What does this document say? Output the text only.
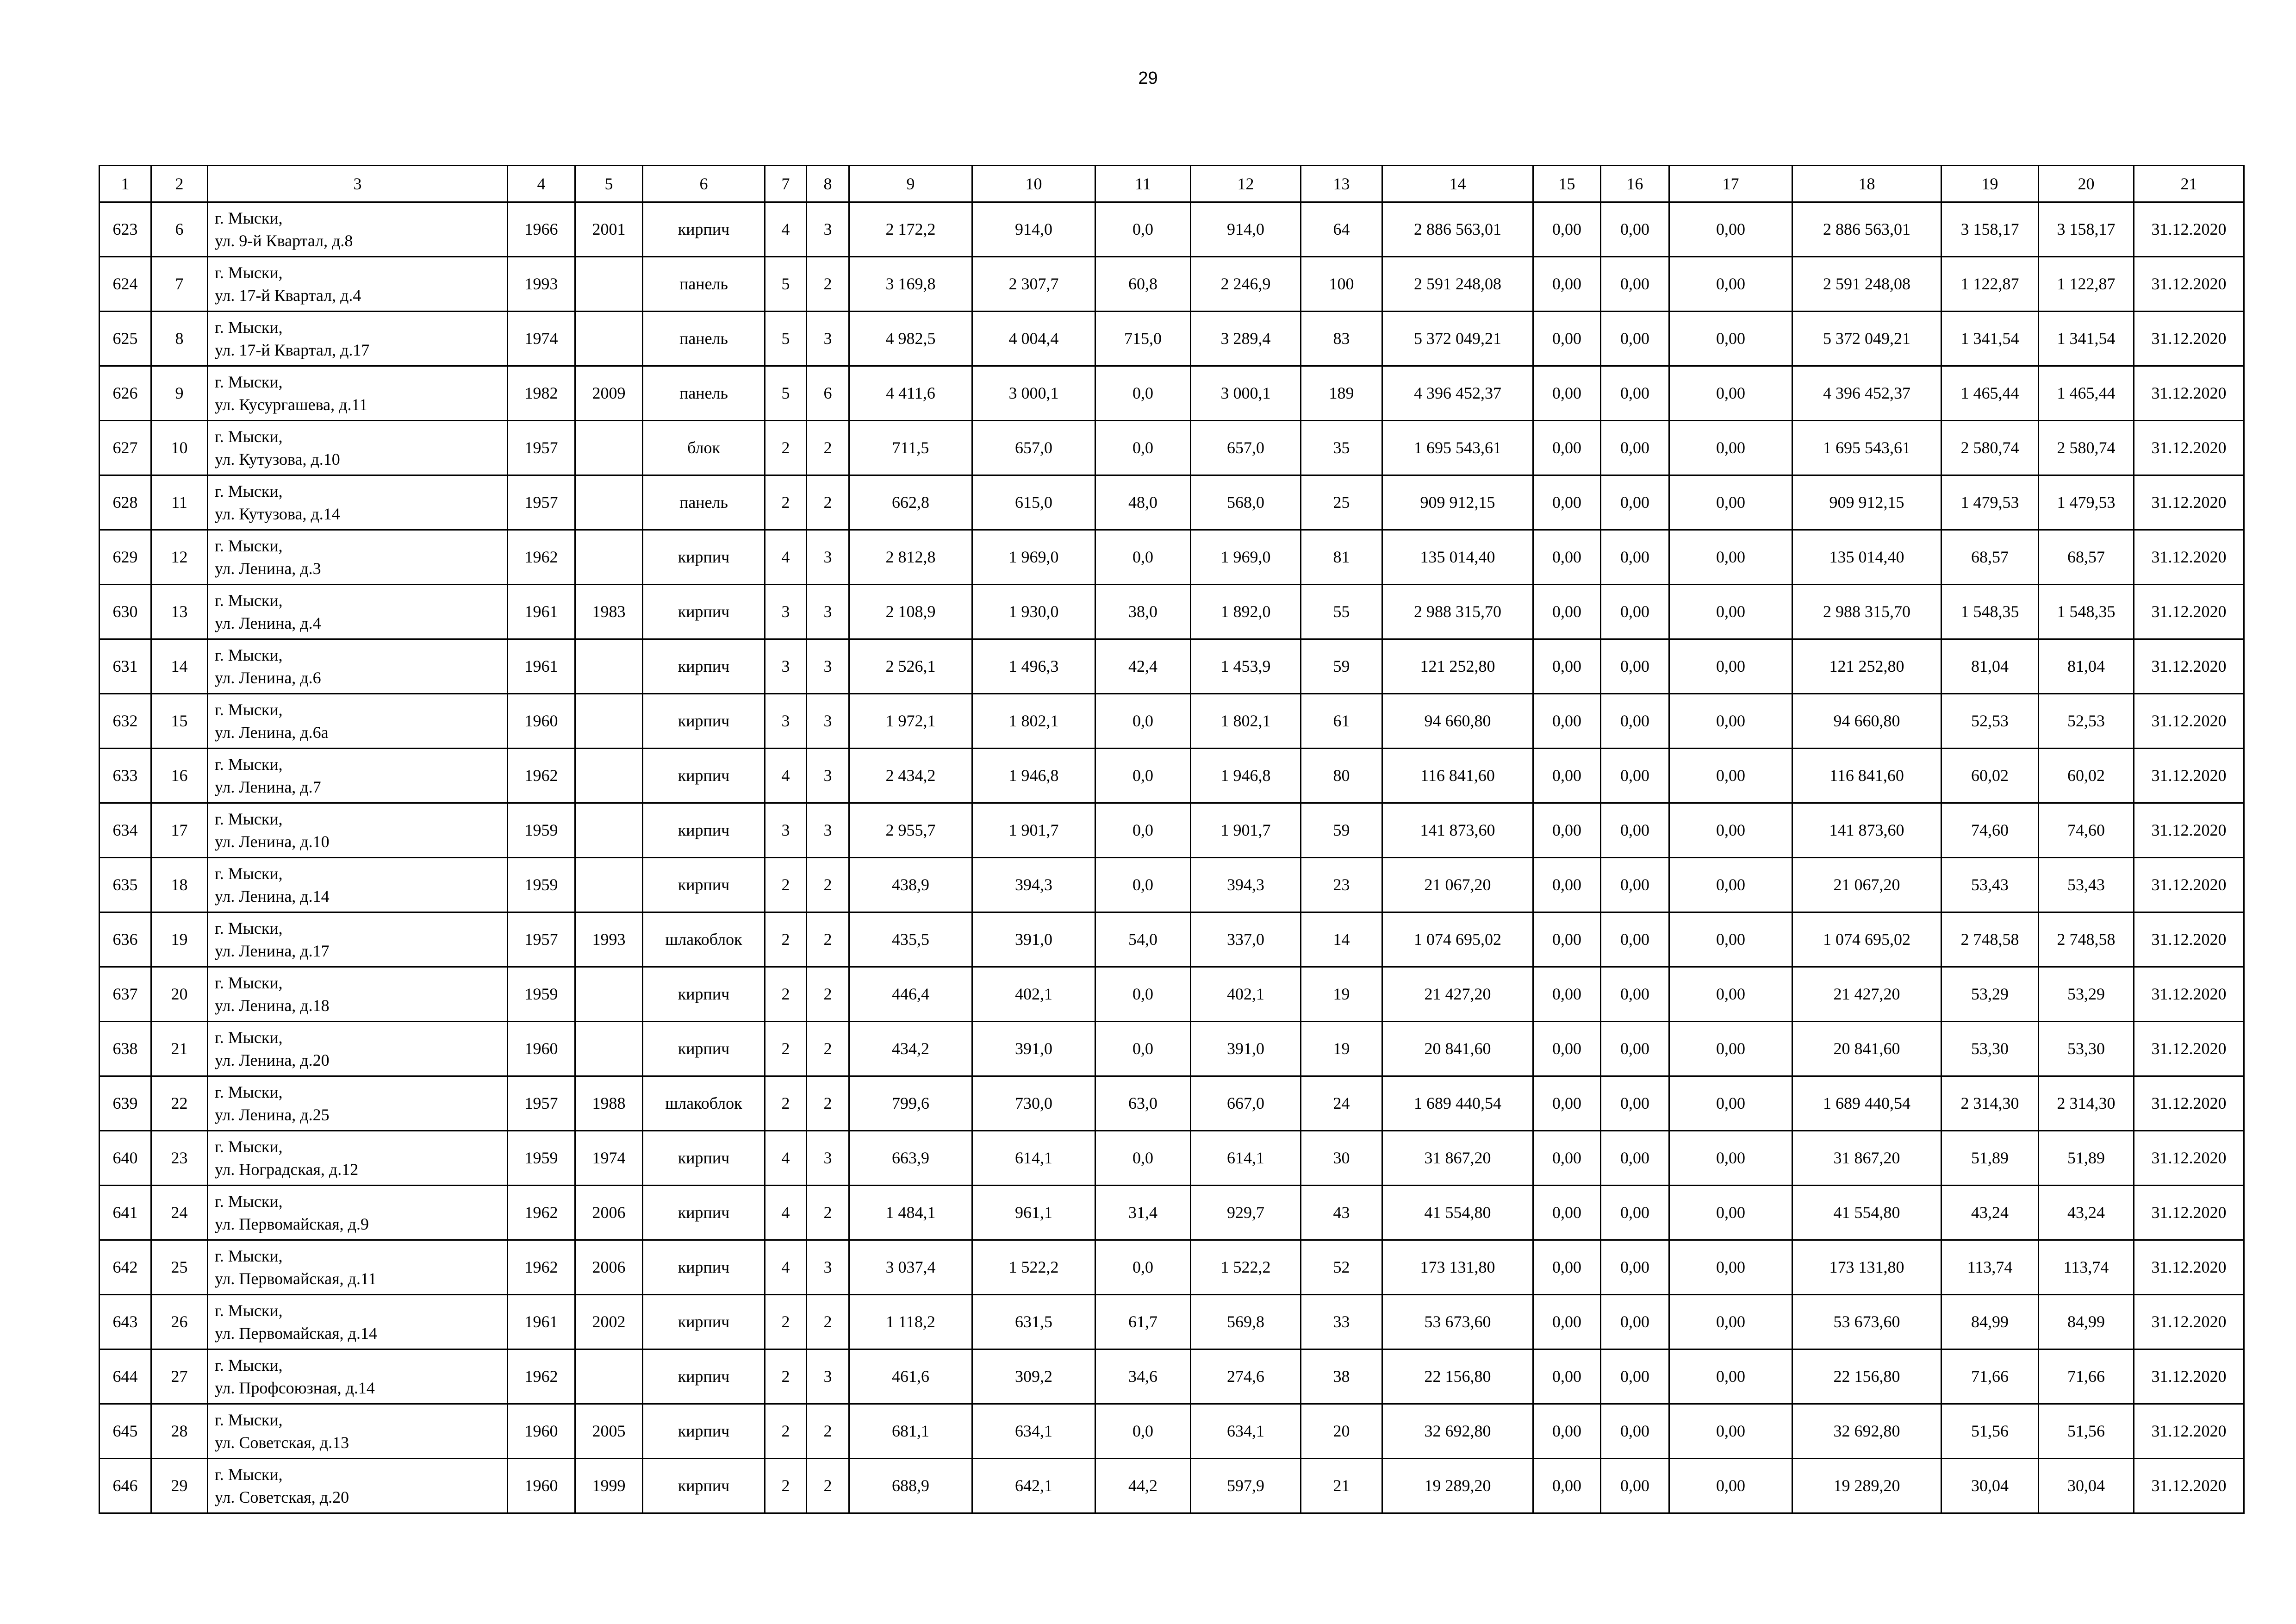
29
1	2	3	4	5	6	7	8	9	10	11	12	13	14	15	16	17	18	19	20	21
623	6	г. Мыски,
ул. 9-й Квартал, д.8	1966	2001	кирпич	4	3	2 172,2	914,0	0,0	914,0	64	2 886 563,01	0,00	0,00	0,00	2 886 563,01	3 158,17	3 158,17	31.12.2020
624	7	г. Мыски,
ул. 17-й Квартал, д.4	1993		панель	5	2	3 169,8	2 307,7	60,8	2 246,9	100	2 591 248,08	0,00	0,00	0,00	2 591 248,08	1 122,87	1 122,87	31.12.2020
625	8	г. Мыски,
ул. 17-й Квартал, д.17	1974		панель	5	3	4 982,5	4 004,4	715,0	3 289,4	83	5 372 049,21	0,00	0,00	0,00	5 372 049,21	1 341,54	1 341,54	31.12.2020
626	9	г. Мыски,
ул. Кусургашева, д.11	1982	2009	панель	5	6	4 411,6	3 000,1	0,0	3 000,1	189	4 396 452,37	0,00	0,00	0,00	4 396 452,37	1 465,44	1 465,44	31.12.2020
627	10	г. Мыски,
ул. Кутузова, д.10	1957		блок	2	2	711,5	657,0	0,0	657,0	35	1 695 543,61	0,00	0,00	0,00	1 695 543,61	2 580,74	2 580,74	31.12.2020
628	11	г. Мыски,
ул. Кутузова, д.14	1957		панель	2	2	662,8	615,0	48,0	568,0	25	909 912,15	0,00	0,00	0,00	909 912,15	1 479,53	1 479,53	31.12.2020
629	12	г. Мыски,
ул. Ленина, д.3	1962		кирпич	4	3	2 812,8	1 969,0	0,0	1 969,0	81	135 014,40	0,00	0,00	0,00	135 014,40	68,57	68,57	31.12.2020
630	13	г. Мыски,
ул. Ленина, д.4	1961	1983	кирпич	3	3	2 108,9	1 930,0	38,0	1 892,0	55	2 988 315,70	0,00	0,00	0,00	2 988 315,70	1 548,35	1 548,35	31.12.2020
631	14	г. Мыски,
ул. Ленина, д.6	1961		кирпич	3	3	2 526,1	1 496,3	42,4	1 453,9	59	121 252,80	0,00	0,00	0,00	121 252,80	81,04	81,04	31.12.2020
632	15	г. Мыски,
ул. Ленина, д.6а	1960		кирпич	3	3	1 972,1	1 802,1	0,0	1 802,1	61	94 660,80	0,00	0,00	0,00	94 660,80	52,53	52,53	31.12.2020
633	16	г. Мыски,
ул. Ленина, д.7	1962		кирпич	4	3	2 434,2	1 946,8	0,0	1 946,8	80	116 841,60	0,00	0,00	0,00	116 841,60	60,02	60,02	31.12.2020
634	17	г. Мыски,
ул. Ленина, д.10	1959		кирпич	3	3	2 955,7	1 901,7	0,0	1 901,7	59	141 873,60	0,00	0,00	0,00	141 873,60	74,60	74,60	31.12.2020
635	18	г. Мыски,
ул. Ленина, д.14	1959		кирпич	2	2	438,9	394,3	0,0	394,3	23	21 067,20	0,00	0,00	0,00	21 067,20	53,43	53,43	31.12.2020
636	19	г. Мыски,
ул. Ленина, д.17	1957	1993	шлакоблок	2	2	435,5	391,0	54,0	337,0	14	1 074 695,02	0,00	0,00	0,00	1 074 695,02	2 748,58	2 748,58	31.12.2020
637	20	г. Мыски,
ул. Ленина, д.18	1959		кирпич	2	2	446,4	402,1	0,0	402,1	19	21 427,20	0,00	0,00	0,00	21 427,20	53,29	53,29	31.12.2020
638	21	г. Мыски,
ул. Ленина, д.20	1960		кирпич	2	2	434,2	391,0	0,0	391,0	19	20 841,60	0,00	0,00	0,00	20 841,60	53,30	53,30	31.12.2020
639	22	г. Мыски,
ул. Ленина, д.25	1957	1988	шлакоблок	2	2	799,6	730,0	63,0	667,0	24	1 689 440,54	0,00	0,00	0,00	1 689 440,54	2 314,30	2 314,30	31.12.2020
640	23	г. Мыски,
ул. Ноградская, д.12	1959	1974	кирпич	4	3	663,9	614,1	0,0	614,1	30	31 867,20	0,00	0,00	0,00	31 867,20	51,89	51,89	31.12.2020
641	24	г. Мыски,
ул. Первомайская, д.9	1962	2006	кирпич	4	2	1 484,1	961,1	31,4	929,7	43	41 554,80	0,00	0,00	0,00	41 554,80	43,24	43,24	31.12.2020
642	25	г. Мыски,
ул. Первомайская, д.11	1962	2006	кирпич	4	3	3 037,4	1 522,2	0,0	1 522,2	52	173 131,80	0,00	0,00	0,00	173 131,80	113,74	113,74	31.12.2020
643	26	г. Мыски,
ул. Первомайская, д.14	1961	2002	кирпич	2	2	1 118,2	631,5	61,7	569,8	33	53 673,60	0,00	0,00	0,00	53 673,60	84,99	84,99	31.12.2020
644	27	г. Мыски,
ул. Профсоюзная, д.14	1962		кирпич	2	3	461,6	309,2	34,6	274,6	38	22 156,80	0,00	0,00	0,00	22 156,80	71,66	71,66	31.12.2020
645	28	г. Мыски,
ул. Советская, д.13	1960	2005	кирпич	2	2	681,1	634,1	0,0	634,1	20	32 692,80	0,00	0,00	0,00	32 692,80	51,56	51,56	31.12.2020
646	29	г. Мыски,
ул. Советская, д.20	1960	1999	кирпич	2	2	688,9	642,1	44,2	597,9	21	19 289,20	0,00	0,00	0,00	19 289,20	30,04	30,04	31.12.2020
